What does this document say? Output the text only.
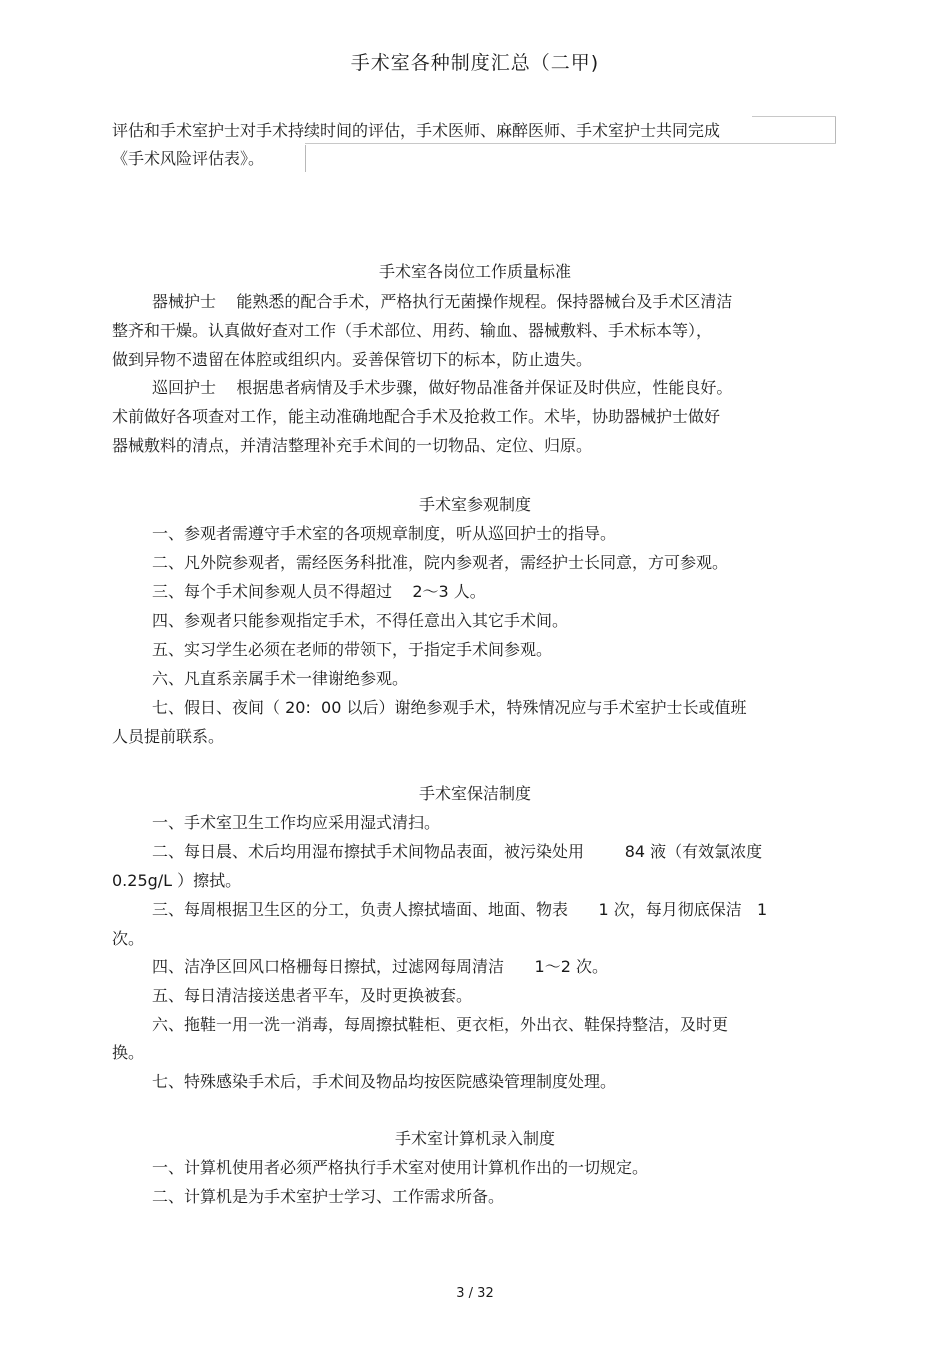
手术室各种制度汇总（二甲)
评估和手术室护士对手术持续时间的评估，手术医师、麻醉医师、手术室护士共同完成
《手术风险评估表》。
手术室各岗位工作质量标准
器械护士    能熟悉的配合手术，严格执行无菌操作规程。保持器械台及手术区清洁
整齐和干燥。认真做好查对工作（手术部位、用药、输血、器械敷料、手术标本等），
做到异物不遗留在体腔或组织内。妥善保管切下的标本，防止遗失。
巡回护士    根据患者病情及手术步骤，做好物品准备并保证及时供应，性能良好。
术前做好各项查对工作，能主动准确地配合手术及抢救工作。术毕，协助器械护士做好
器械敷料的清点，并清洁整理补充手术间的一切物品、定位、归原。
手术室参观制度
一、参观者需遵守手术室的各项规章制度，听从巡回护士的指导。
二、凡外院参观者，需经医务科批准，院内参观者，需经护士长同意，方可参观。
三、每个手术间参观人员不得超过    2～3 人。
四、参观者只能参观指定手术，不得任意出入其它手术间。
五、实习学生必须在老师的带领下，于指定手术间参观。
六、凡直系亲属手术一律谢绝参观。
七、假日、夜间（ 20:  00 以后）谢绝参观手术，特殊情况应与手术室护士长或值班
人员提前联系。
手术室保洁制度
一、手术室卫生工作均应采用湿式清扫。
二、每日晨、术后均用湿布擦拭手术间物品表面，被污染处用        84 液（有效氯浓度
0.25g/L ）擦拭。
三、每周根据卫生区的分工，负责人擦拭墙面、地面、物表      1 次，每月彻底保洁   1
次。
四、洁净区回风口格栅每日擦拭，过滤网每周清洁      1～2 次。
五、每日清洁接送患者平车，及时更换被套。
六、拖鞋一用一洗一消毒，每周擦拭鞋柜、更衣柜，外出衣、鞋保持整洁，及时更
换。
七、特殊感染手术后，手术间及物品均按医院感染管理制度处理。
手术室计算机录入制度
一、计算机使用者必须严格执行手术室对使用计算机作出的一切规定。
二、计算机是为手术室护士学习、工作需求所备。
3 / 32
